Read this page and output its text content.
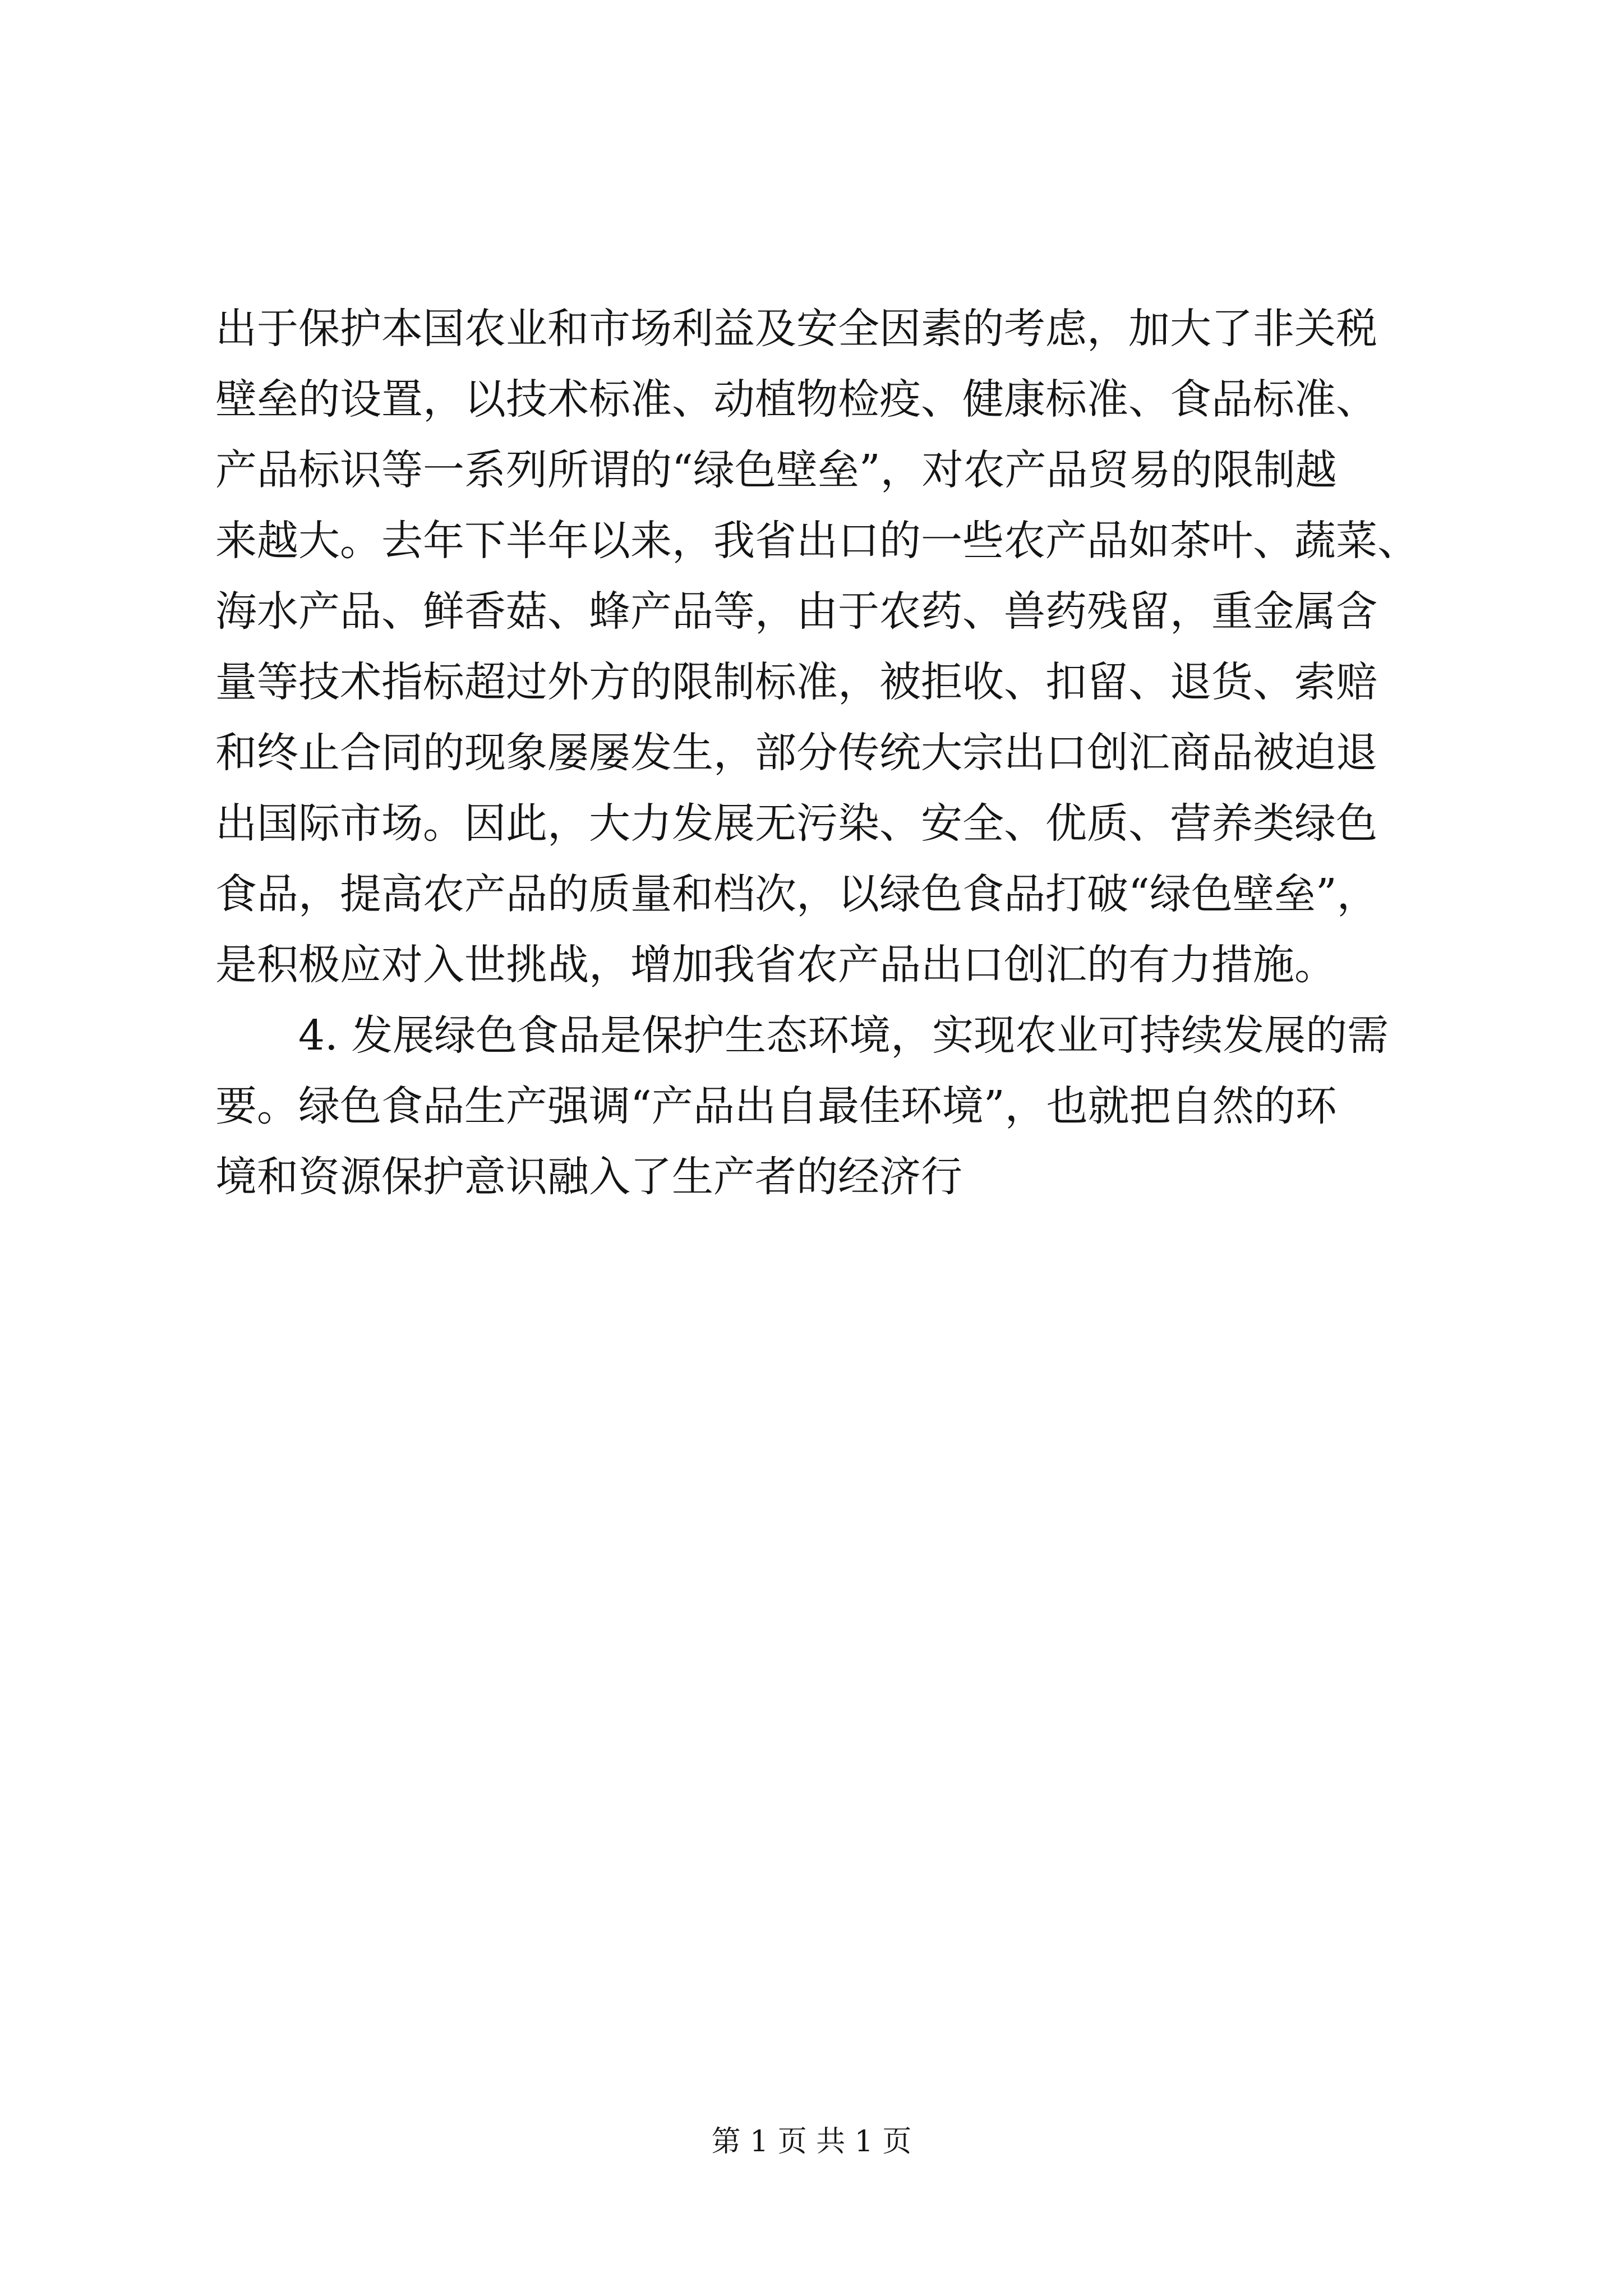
出于保护本国农业和市场利益及安全因素的考虑，加大了非关税
壁垒的设置，以技术标准、动植物检疫、健康标准、食品标准、
产品标识等一系列所谓的“绿色壁垒”，对农产品贸易的限制越
来越大。去年下半年以来，我省出口的一些农产品如茶叶、蔬菜、
海水产品、鲜香菇、蜂产品等，由于农药、兽药残留，重金属含
量等技术指标超过外方的限制标准，被拒收、扣留、退货、索赔
和终止合同的现象屡屡发生，部分传统大宗出口创汇商品被迫退
出国际市场。因此，大力发展无污染、安全、优质、营养类绿色
食品，提高农产品的质量和档次，以绿色食品打破“绿色壁垒”，
是积极应对入世挑战，增加我省农产品出口创汇的有力措施。
4. 发展绿色食品是保护生态环境，实现农业可持续发展的需
要。绿色食品生产强调“产品出自最佳环境”，也就把自然的环
境和资源保护意识融入了生产者的经济行
第 1 页 共 1 页
